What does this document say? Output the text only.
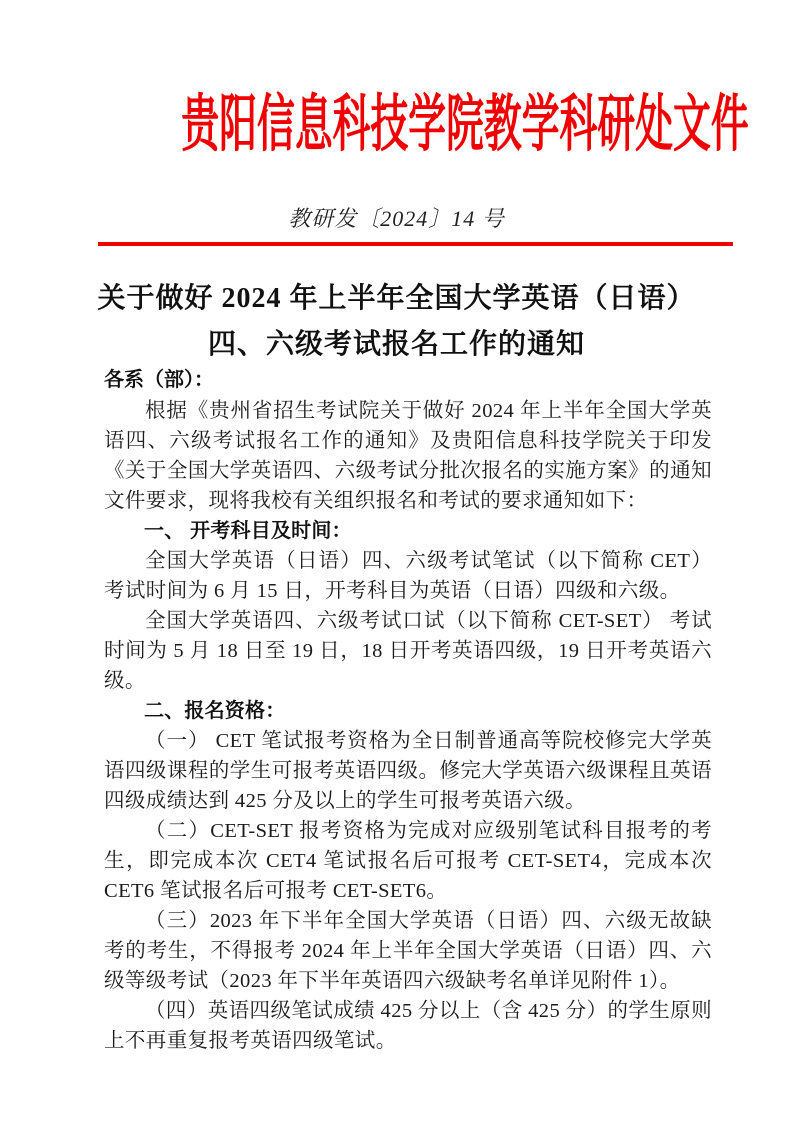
贵阳信息科技学院教学科研处文件
教研发〔2024〕14 号
关于做好 2024 年上半年全国大学英语（日语）
四、六级考试报名工作的通知
各系（部）：

根据《贵州省招生考试院关于做好 2024 年上半年全国大学英语四、六级考试报名工作的通知》及贵阳信息科技学院关于印发《关于全国大学英语四、六级考试分批次报名的实施方案》的通知文件要求，现将我校有关组织报名和考试的要求通知如下：

一、 开考科目及时间：

全国大学英语（日语）四、六级考试笔试（以下简称 CET）考试时间为 6 月 15 日，开考科目为英语（日语）四级和六级。

全国大学英语四、六级考试口试（以下简称 CET-SET） 考试时间为 5 月 18 日至 19 日，18 日开考英语四级，19 日开考英语六级。

二、报名资格：

（一） CET 笔试报考资格为全日制普通高等院校修完大学英语四级课程的学生可报考英语四级。修完大学英语六级课程且英语四级成绩达到 425 分及以上的学生可报考英语六级。

（二）CET-SET 报考资格为完成对应级别笔试科目报考的考生，即完成本次 CET4 笔试报名后可报考 CET-SET4，完成本次 CET6 笔试报名后可报考 CET-SET6。

（三）2023 年下半年全国大学英语（日语）四、六级无故缺考的考生，不得报考 2024 年上半年全国大学英语（日语）四、六级等级考试（2023 年下半年英语四六级缺考名单详见附件 1）。

（四）英语四级笔试成绩 425 分以上（含 425 分）的学生原则上不再重复报考英语四级笔试。
